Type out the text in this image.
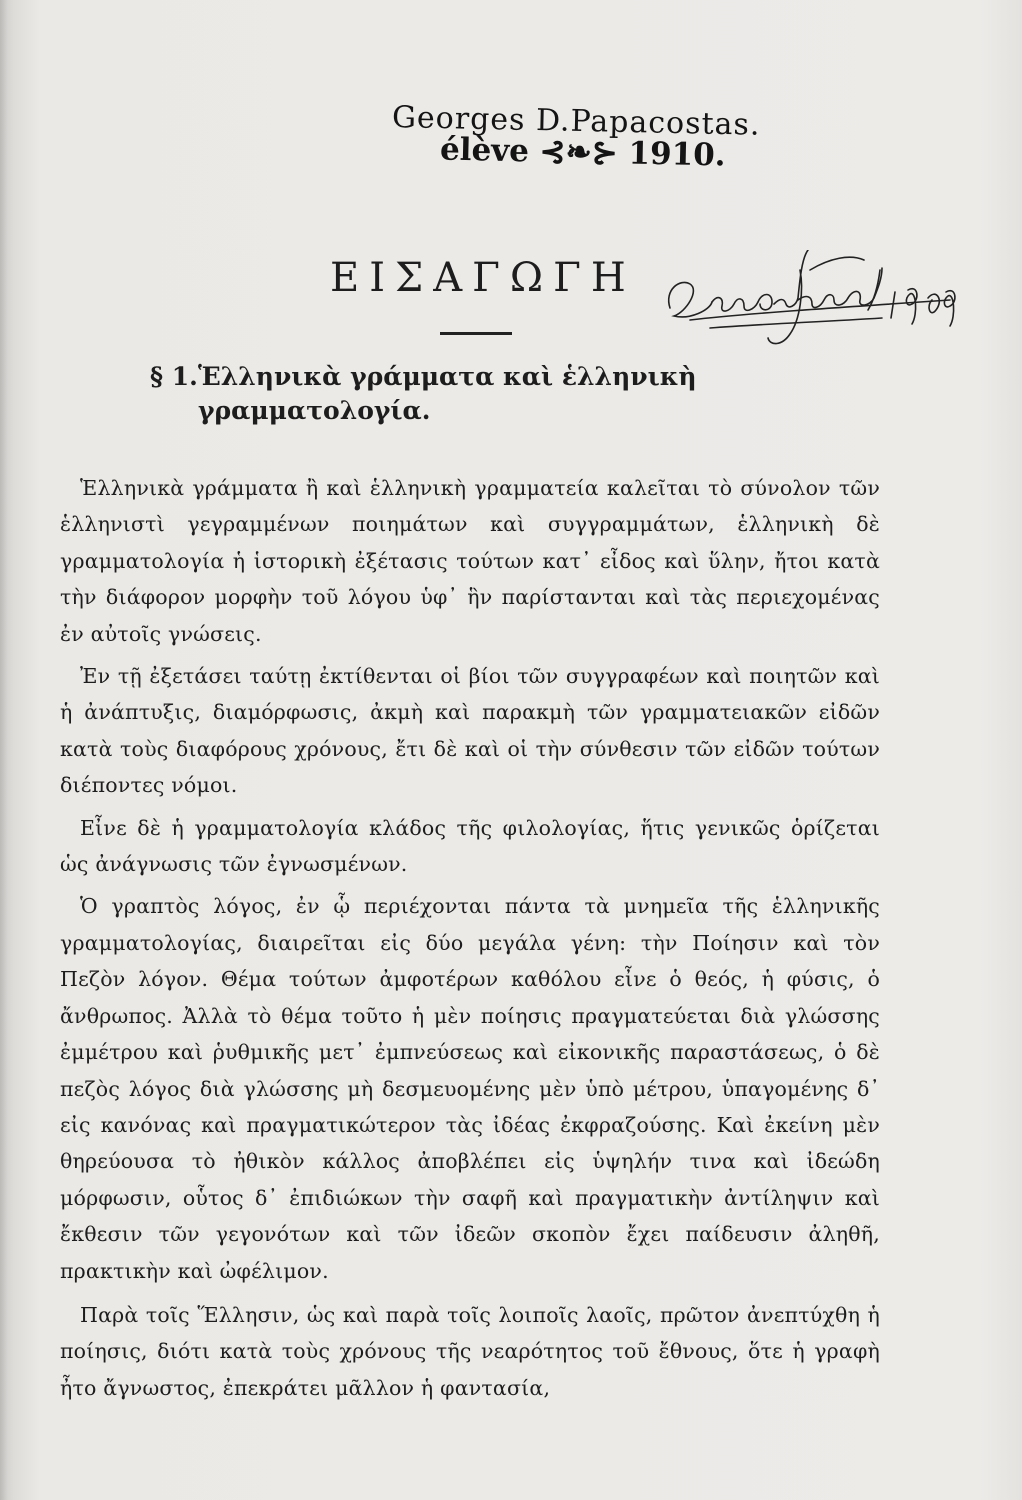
Georges D.Papacostas.
élève ⊰❧⊱ 1910.
ΕΙΣΑΓΩΓΗ
§ 1.Ἑλληνικὰ γράμματα καὶ ἑλληνικὴ
γραμματολογία.

Ἑλληνικὰ γράμματα ἢ καὶ ἑλληνικὴ γραμματεία καλεῖται τὸ σύνολον τῶν ἑλληνιστὶ γεγραμμένων ποιημάτων καὶ συγγραμμάτων, ἑλληνικὴ δὲ γραμματολογία ἡ ἱστορικὴ ἐξέτασις τούτων κατ᾽ εἶδος καὶ ὕλην, ἤτοι κατὰ τὴν διάφορον μορφὴν τοῦ λόγου ὑφ᾽ ἣν παρίστανται καὶ τὰς περιεχομένας ἐν αὐτοῖς γνώσεις.

Ἐν τῇ ἐξετάσει ταύτῃ ἐκτίθενται οἱ βίοι τῶν συγγραφέων καὶ ποιητῶν καὶ ἡ ἀνάπτυξις, διαμόρφωσις, ἀκμὴ καὶ παρακμὴ τῶν γραμματειακῶν εἰδῶν κατὰ τοὺς διαφόρους χρόνους, ἔτι δὲ καὶ οἱ τὴν σύνθεσιν τῶν εἰδῶν τούτων διέποντες νόμοι.

Εἶνε δὲ ἡ γραμματολογία κλάδος τῆς φιλολογίας, ἥτις γενικῶς ὁρίζεται ὡς ἀνάγνωσις τῶν ἐγνωσμένων.

Ὁ γραπτὸς λόγος, ἐν ᾧ περιέχονται πάντα τὰ μνημεῖα τῆς ἑλληνικῆς γραμματολογίας, διαιρεῖται εἰς δύο μεγάλα γένη: τὴν Ποίησιν καὶ τὸν Πεζὸν λόγον. Θέμα τούτων ἀμφοτέρων καθόλου εἶνε ὁ θεός, ἡ φύσις, ὁ ἄνθρωπος. Ἀλλὰ τὸ θέμα τοῦτο ἡ μὲν ποίησις πραγματεύεται διὰ γλώσσης ἐμμέτρου καὶ ῥυθμικῆς μετ᾽ ἐμπνεύσεως καὶ εἰκονικῆς παραστάσεως, ὁ δὲ πεζὸς λόγος διὰ γλώσσης μὴ δεσμευομένης μὲν ὑπὸ μέτρου, ὑπαγομένης δ᾽ εἰς κανόνας καὶ πραγματικώτερον τὰς ἰδέας ἐκφραζούσης. Καὶ ἐκείνη μὲν θηρεύουσα τὸ ἠθικὸν κάλλος ἀποβλέπει εἰς ὑψηλήν τινα καὶ ἰδεώδη μόρφωσιν, οὗτος δ᾽ ἐπιδιώκων τὴν σαφῆ καὶ πραγματικὴν ἀντίληψιν καὶ ἔκθεσιν τῶν γεγονότων καὶ τῶν ἰδεῶν σκοπὸν ἔχει παίδευσιν ἀληθῆ, πρακτικὴν καὶ ὠφέλιμον.

Παρὰ τοῖς Ἕλλησιν, ὡς καὶ παρὰ τοῖς λοιποῖς λαοῖς, πρῶτον ἀνεπτύχθη ἡ ποίησις, διότι κατὰ τοὺς χρόνους τῆς νεαρότητος τοῦ ἔθνους, ὅτε ἡ γραφὴ ἦτο ἄγνωστος, ἐπεκράτει μᾶλλον ἡ φαντασία,
